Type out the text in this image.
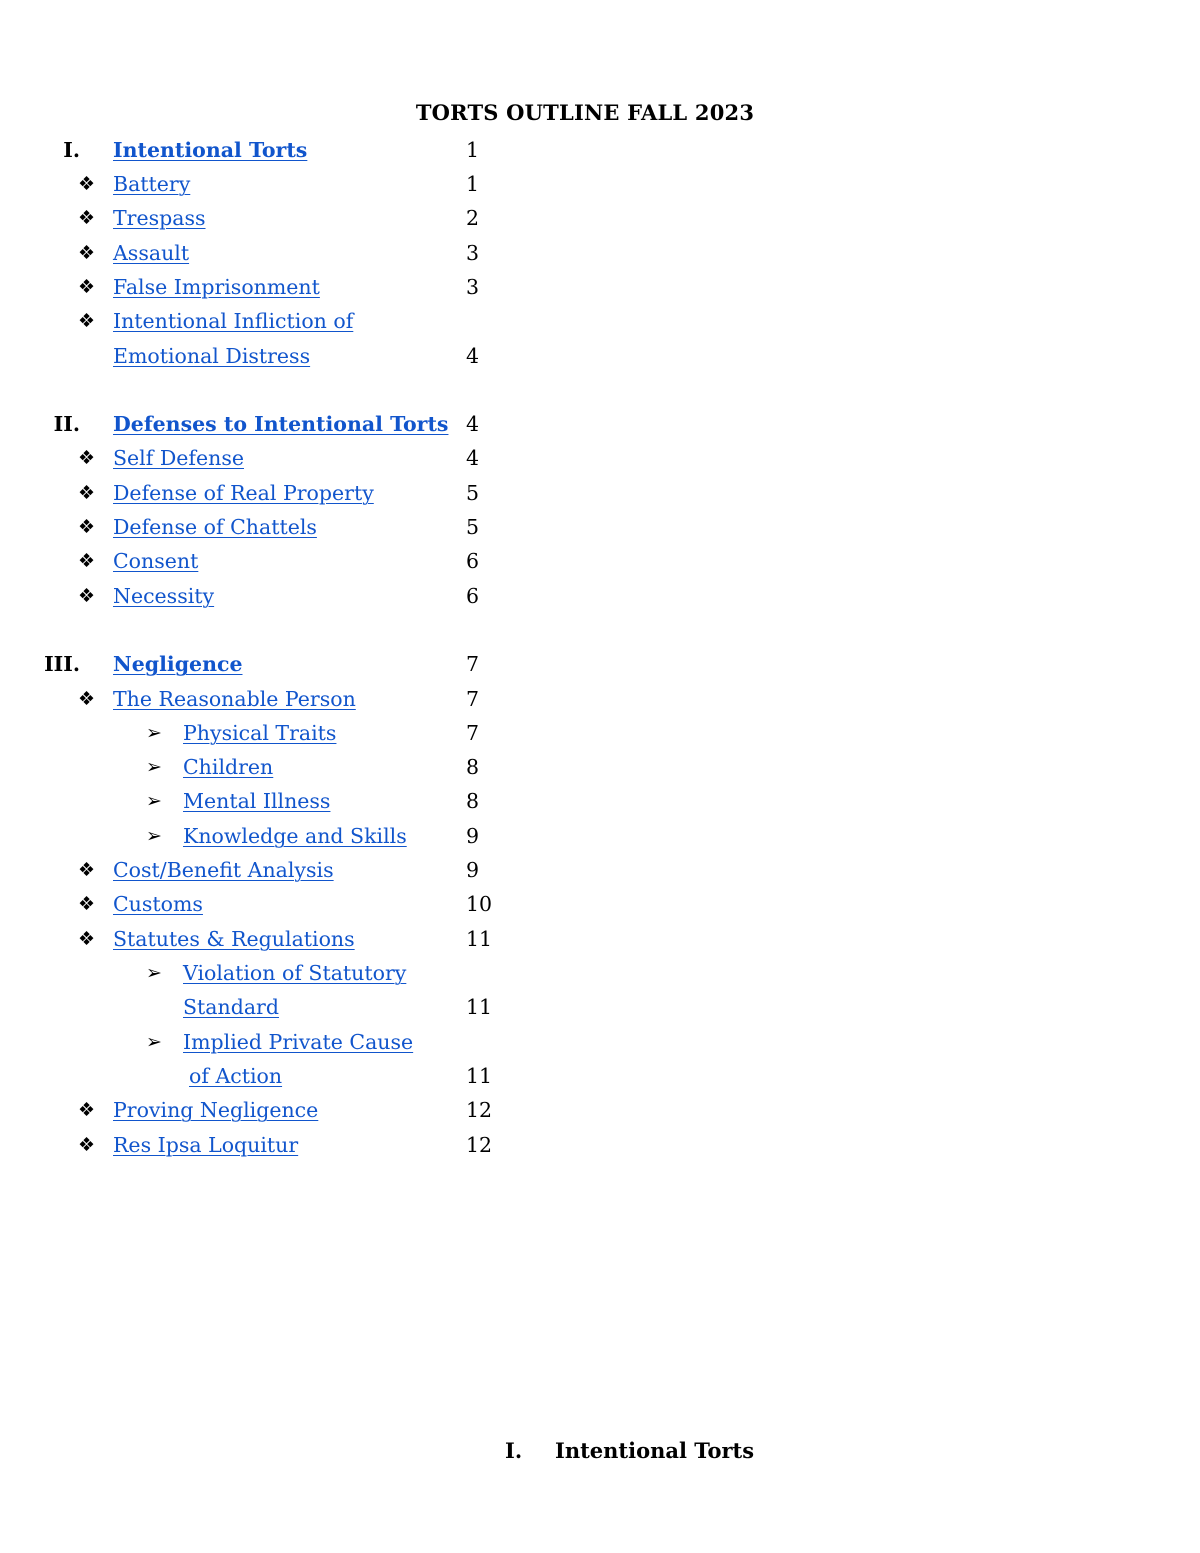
TORTS OUTLINE FALL 2023
I. Intentional Torts	1
❖ Battery	1
❖ Trespass	2
❖ Assault	3
❖ False Imprisonment	3
❖ Intentional Infliction of
Emotional Distress	4
II. Defenses to Intentional Torts 4
❖ Self Defense	4
❖ Defense of Real Property	5
❖ Defense of Chattels	5
❖ Consent	6
❖ Necessity	6
III. Negligence	7
❖ The Reasonable Person	7
➢ Physical Traits	7
➢ Children	8
➢ Mental Illness	8
➢ Knowledge and Skills	9
❖ Cost/Benefit Analysis	9
❖ Customs	10
❖ Statutes & Regulations	11
➢ Violation of Statutory
Standard	11
➢ Implied Private Cause
of Action	11
❖ Proving Negligence	12
❖ Res Ipsa Loquitur	12
I. Intentional Torts
